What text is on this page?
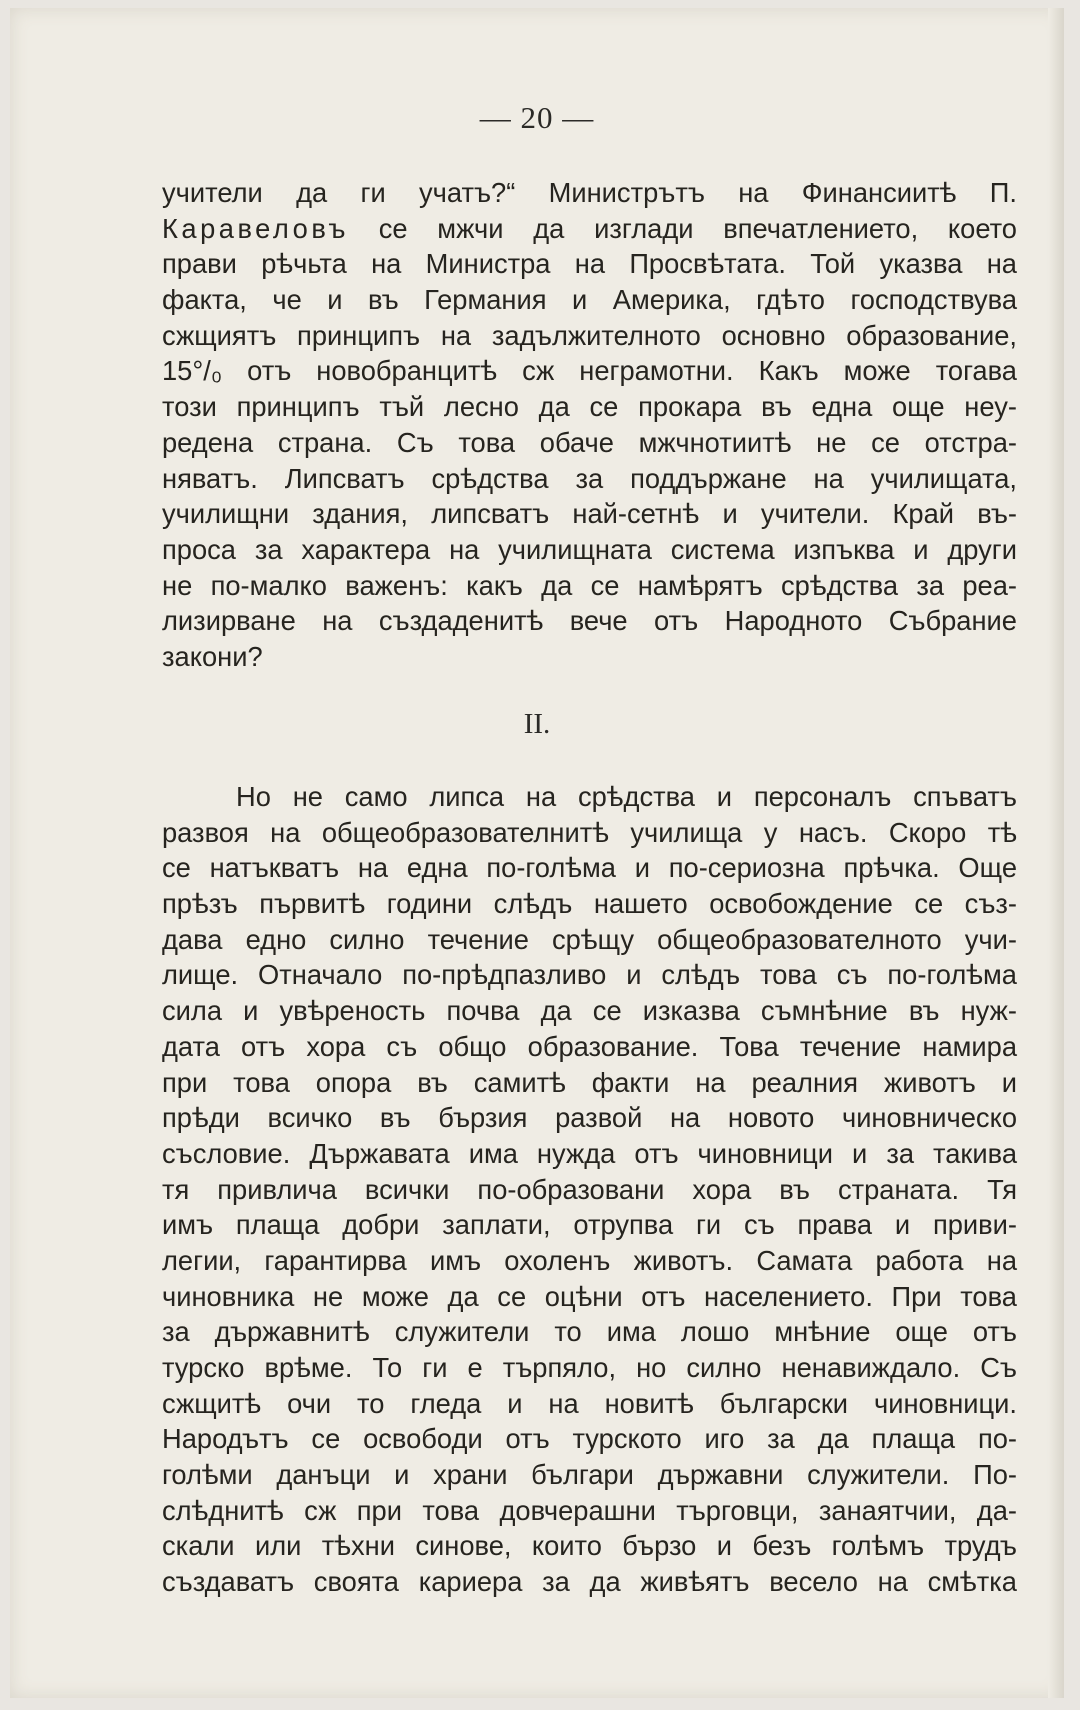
— 20 —
учители да ги учатъ?“ Министрътъ на Финансиитѣ П.
Каравеловъ се мжчи да изглади впечатлението, което
прави рѣчьта на Министра на Просвѣтата. Той указва на
факта, че и въ Германия и Америка, гдѣто господствува
сжщиятъ принципъ на задължителното основно образование,
15°/₀ отъ новобранцитѣ сж неграмотни. Какъ може тогава
този принципъ тъй лесно да се прокара въ една още неу-
редена страна. Съ това обаче мжчнотиитѣ не се отстра-
няватъ. Липсватъ срѣдства за поддържане на училищата,
училищни здания, липсватъ най-сетнѣ и учители. Край въ-
проса за характера на училищната система изпъква и други
не по-малко важенъ: какъ да се намѣрятъ срѣдства за реа-
лизирване на създаденитѣ вече отъ Народното Събрание
закони?
II.
Но не само липса на срѣдства и персоналъ спъватъ
развоя на общеобразователнитѣ училища у насъ. Скоро тѣ
се натъкватъ на една по-голѣма и по-сериозна прѣчка. Още
прѣзъ първитѣ години слѣдъ нашето освобождение се съз-
дава едно силно течение срѣщу общеобразователното учи-
лище. Отначало по-прѣдпазливо и слѣдъ това съ по-голѣма
сила и увѣреность почва да се изказва съмнѣние въ нуж-
дата отъ хора съ общо образование. Това течение намира
при това опора въ самитѣ факти на реалния животъ и
прѣди всичко въ бързия развой на новото чиновническо
съсловие. Държавата има нужда отъ чиновници и за такива
тя привлича всички по-образовани хора въ страната. Тя
имъ плаща добри заплати, отрупва ги съ права и приви-
легии, гарантирва имъ охоленъ животъ. Самата работа на
чиновника не може да се оцѣни отъ населението. При това
за държавнитѣ служители то има лошо мнѣние още отъ
турско врѣме. То ги е търпяло, но силно ненавиждало. Съ
сжщитѣ очи то гледа и на новитѣ български чиновници.
Народътъ се освободи отъ турското иго за да плаща по-
голѣми данъци и храни българи държавни служители. По-
слѣднитѣ сж при това довчерашни търговци, занаятчии, да-
скали или тѣхни синове, които бързо и безъ голѣмъ трудъ
създаватъ своята кариера за да живѣятъ весело на смѣтка
